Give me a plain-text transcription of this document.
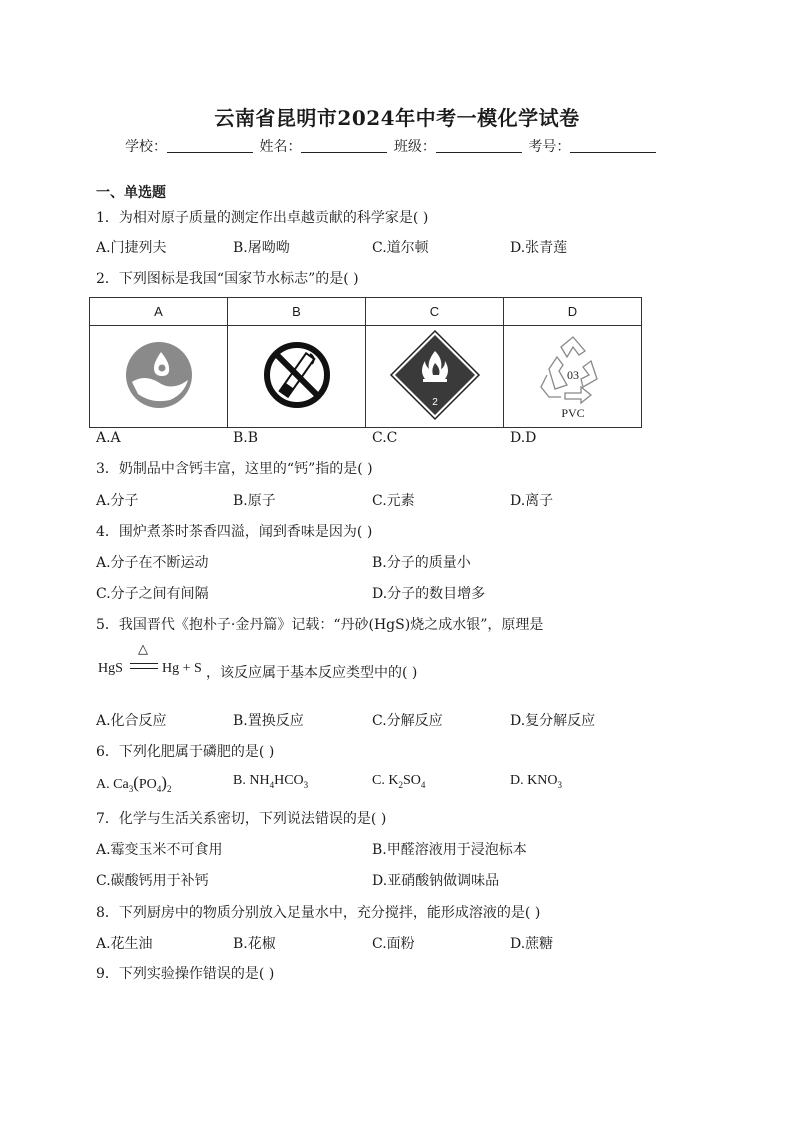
云南省昆明市2024年中考一模化学试卷
学校：	姓名：	班级：	考号：
一、单选题
1．为相对原子质量的测定作出卓越贡献的科学家是( )
A.门捷列夫	B.屠呦呦	C.道尔顿	D.张青莲
2．下列图标是我国“国家节水标志”的是( )
A	B	C	D

2	03
PVC
A.A	B.B	C.C	D.D
3．奶制品中含钙丰富，这里的“钙”指的是( )
A.分子	B.原子	C.元素	D.离子
4．围炉煮茶时茶香四溢，闻到香味是因为( )
A.分子在不断运动	B.分子的质量小
C.分子之间有间隔	D.分子的数目增多
5．我国晋代《抱朴子·金丹篇》记载：“丹砂(HgS)烧之成水银”，原理是
HgS
△
Hg + S ，该反应属于基本反应类型中的( )
A.化合反应	B.置换反应	C.分解反应	D.复分解反应
6．下列化肥属于磷肥的是( )
A. $Ca_3(PO_4)_2$
B. $NH_4HCO_3$	C. $K_2SO_4$	D. $KNO_3$
7．化学与生活关系密切，下列说法错误的是( )
A.霉变玉米不可食用	B.甲醛溶液用于浸泡标本
C.碳酸钙用于补钙	D.亚硝酸钠做调味品
8．下列厨房中的物质分别放入足量水中，充分搅拌，能形成溶液的是( )
A.花生油	B.花椒	C.面粉	D.蔗糖
9．下列实验操作错误的是( )
